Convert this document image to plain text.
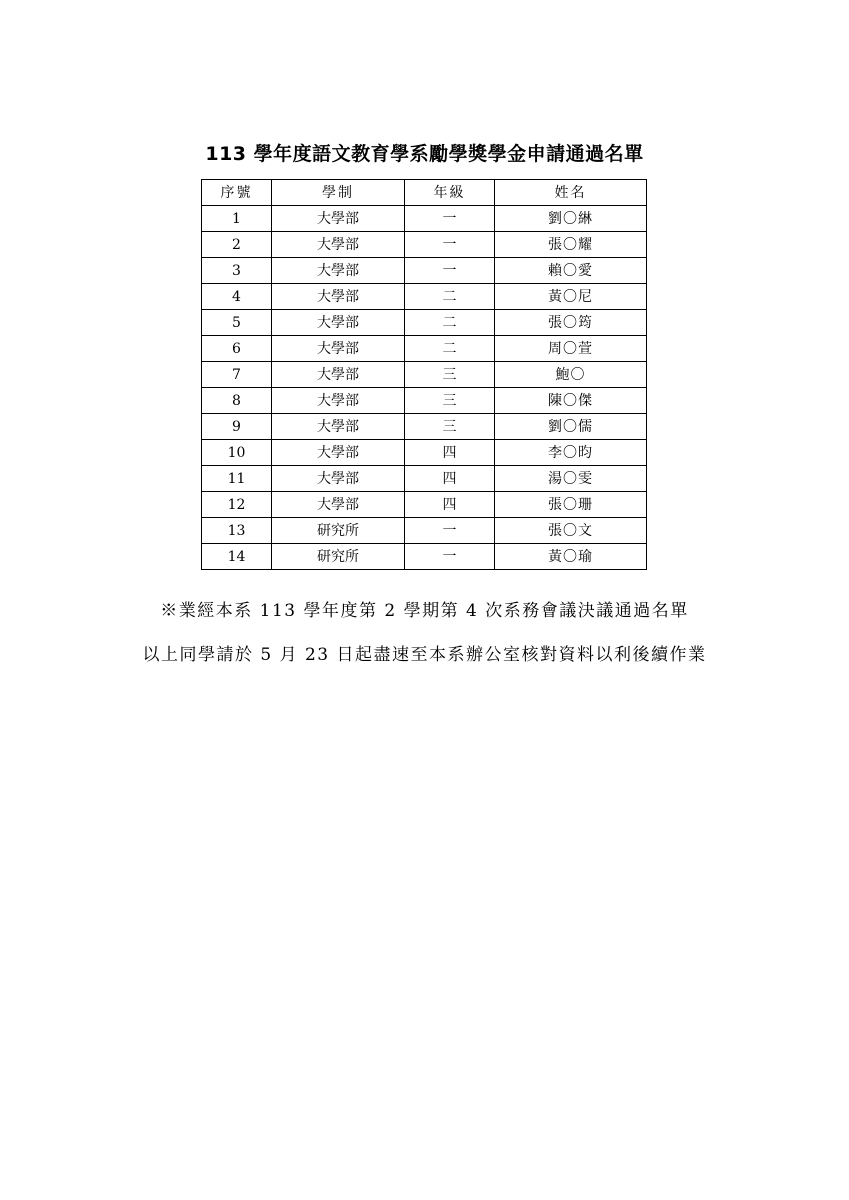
113 學年度語文教育學系勵學獎學金申請通過名單
序號	學制	年級	姓名
1	大學部	一	劉〇綝
2	大學部	一	張〇耀
3	大學部	一	賴〇愛
4	大學部	二	黃〇尼
5	大學部	二	張〇筠
6	大學部	二	周〇萱
7	大學部	三	鮑〇
8	大學部	三	陳〇傑
9	大學部	三	劉〇儒
10	大學部	四	李〇昀
11	大學部	四	湯〇雯
12	大學部	四	張〇珊
13	研究所	一	張〇文
14	研究所	一	黃〇瑜

※業經本系 113 學年度第 2 學期第 4 次系務會議決議通過名單

以上同學請於 5 月 23 日起盡速至本系辦公室核對資料以利後續作業
